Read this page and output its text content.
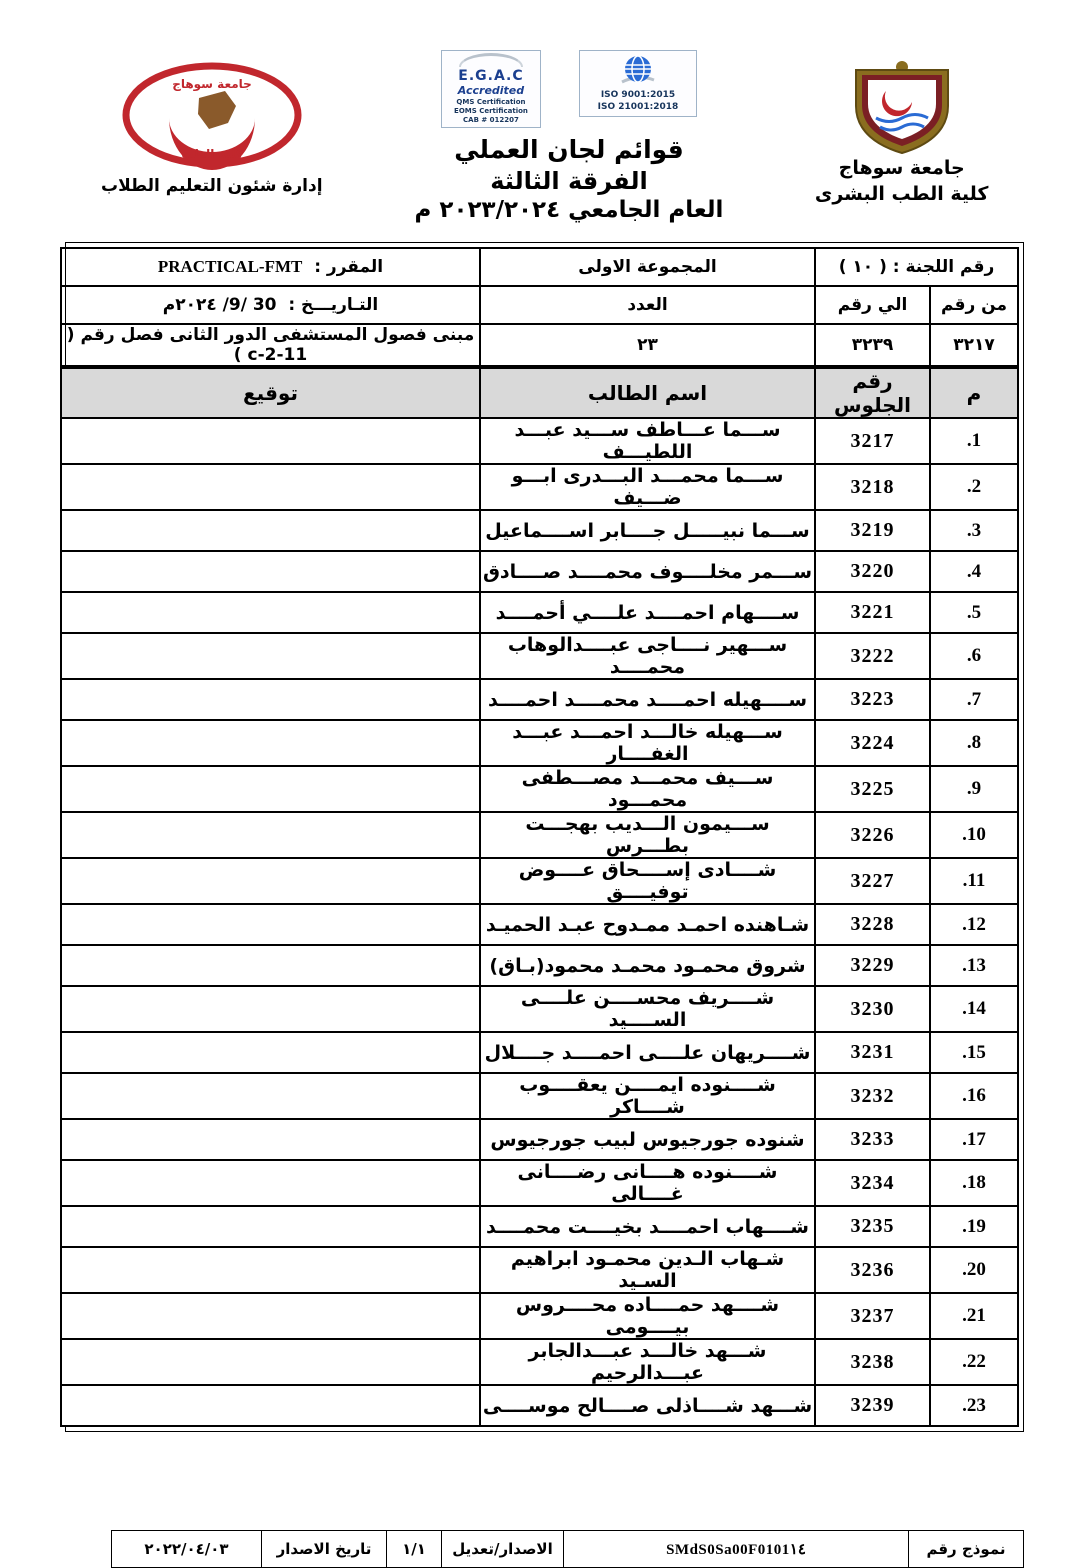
جامعة سوهاج
كلية الطب البشرى
E.G.A.C
Accredited
QMS Certification
EOMS Certification
CAB # 012207
ISO 9001:2015
ISO 21001:2018
قوائم لجان العملي
الفرقة الثالثة
العام الجامعي ٢٠٢٣/٢٠٢٤ م
جامعة سوهاج
كلية الطب
إدارة شئون التعليم الطلاب
رقم اللجنة : ( ١٠ )		المجموعة الاولى	المقرر :  PRACTICAL-FMT
من رقم	الي رقم	العدد	التـاريـــخ :  30 /9/ ٢٠٢٤م
٣٢١٧	٣٢٣٩	٢٣	مبنى فصول المستشفى الدور الثانى فصل رقم ( c-2-11 )
م	رقم الجلوس	اسم الطالب	توقيع
.1	3217	ســـما عـــاطف ســـيد عبـــد اللطيـــف	
.2	3218	ســـما محمـــد البـــدرى ابـــو ضـــيف	
.3	3219	ســـما نبيـــــل جــــابر اســــماعيل	
.4	3220	ســـمر مخلــــوف محمــــد صــــادق	
.5	3221	ســــهام احمــــد علــــي أحمــــد	
.6	3222	ســـهير نــــاجى عبــــدالوهاب محمــــد	
.7	3223	ســــهيله احمــــد محمــــد احمــــد	
.8	3224	ســـهيله خالـــد احمـــد عبـــد الغفــــار	
.9	3225	ســـيف محمـــد مصـــطفى محمـــود	
.10	3226	ســـيمون الـــديب بهجـــت بطـــرس	
.11	3227	شــــادى إســــحاق عــــوض توفيــــق	
.12	3228	شـاهنده احمـد ممـدوح عبـد الحميـد	
.13	3229	شروق محمـود محمـد محمود(بـاق)	
.14	3230	شــــريف محســــن علــــى الســــيد	
.15	3231	شــــريهان علــــى احمــــد جــــلال	
.16	3232	شــــنوده ايمــــن يعقــــوب شــــاكر	
.17	3233	شنوده جورجيوس لبيب جورجيوس	
.18	3234	شــــنوده هــــانى رضــــانى غــــالى	
.19	3235	شــــهاب احمــــد بخيــــت محمــــد	
.20	3236	شـهاب الـدين محمـود ابراهيم السـيد	
.21	3237	شــــهد حمــــاده محــــروس بيــــومى	
.22	3238	شـــهد خالـــد عبـــدالجابر عبـــدالرحيم	
.23	3239	شـــهد شــــاذلى صــــالح موســــى	
نموذج رقم	SMdS0Sa00F0101١٤	الاصدار/تعديل	١/١	تاريخ الاصدار	٢٠٢٢/٠٤/٠٣
